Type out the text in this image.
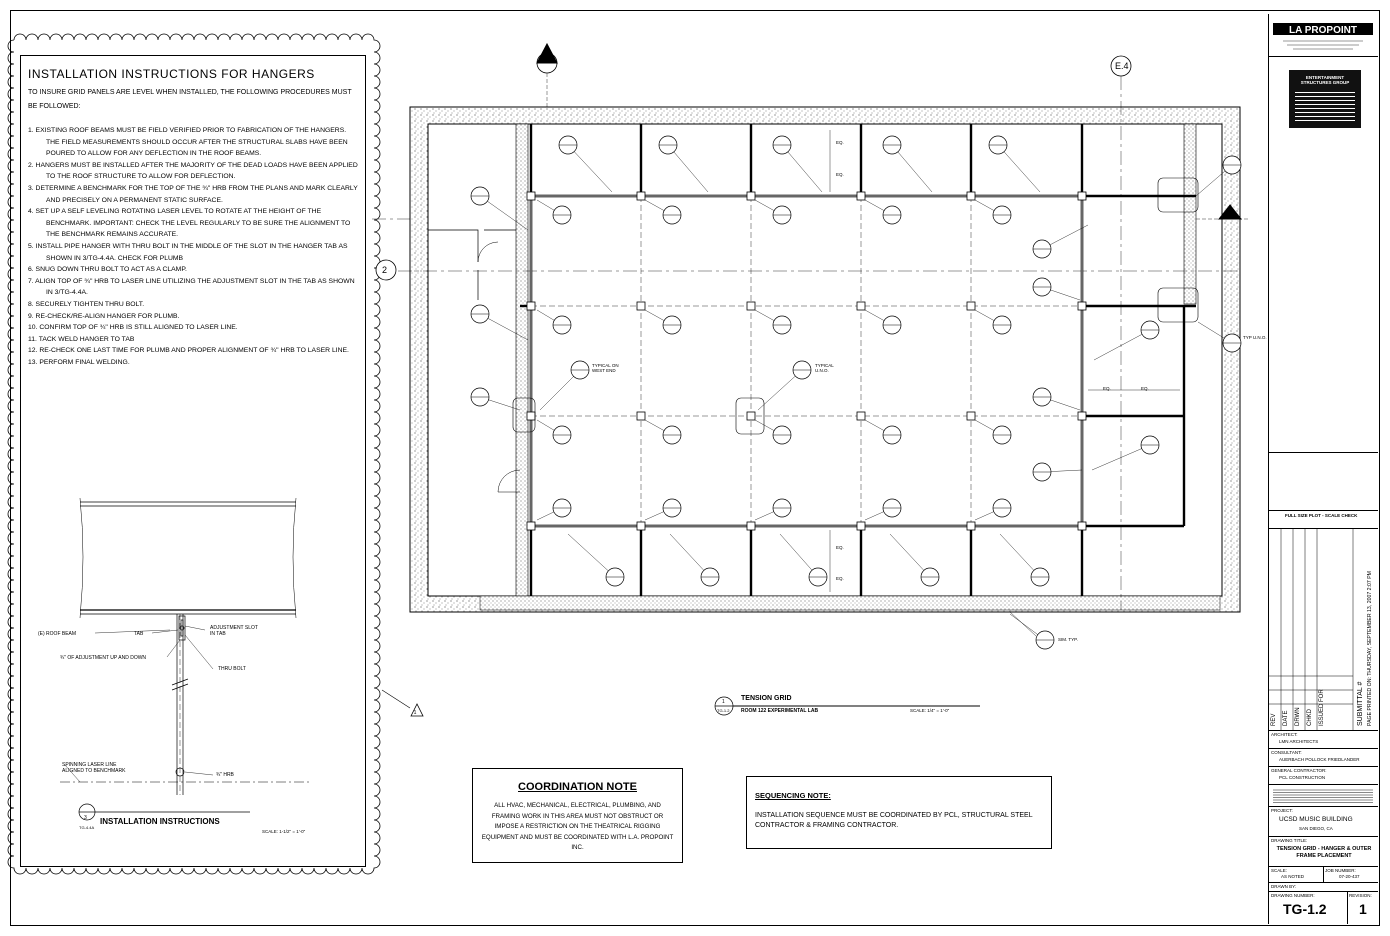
1
INSTALLATION INSTRUCTIONS FOR HANGERS
TO INSURE GRID PANELS ARE LEVEL WHEN INSTALLED, THE FOLLOWING PROCEDURES MUST BE FOLLOWED:
1. EXISTING ROOF BEAMS MUST BE FIELD VERIFIED PRIOR TO FABRICATION OF THE HANGERS. THE FIELD MEASUREMENTS SHOULD OCCUR AFTER THE STRUCTURAL SLABS HAVE BEEN POURED TO ALLOW FOR ANY DEFLECTION IN THE ROOF BEAMS.
2. HANGERS MUST BE INSTALLED AFTER THE MAJORITY OF THE DEAD LOADS HAVE BEEN APPLIED TO THE ROOF STRUCTURE TO ALLOW FOR DEFLECTION.
3. DETERMINE A BENCHMARK FOR THE TOP OF THE ¾" HRB FROM THE PLANS AND MARK CLEARLY AND PRECISELY ON A PERMANENT STATIC SURFACE.
4. SET UP A SELF LEVELING ROTATING LASER LEVEL TO ROTATE AT THE HEIGHT OF THE BENCHMARK. IMPORTANT: CHECK THE LEVEL REGULARLY TO BE SURE THE ALIGNMENT TO THE BENCHMARK REMAINS ACCURATE.
5. INSTALL PIPE HANGER WITH THRU BOLT IN THE MIDDLE OF THE SLOT IN THE HANGER TAB AS SHOWN IN 3/TG-4.4A. CHECK FOR PLUMB
6. SNUG DOWN THRU BOLT TO ACT AS A CLAMP.
7. ALIGN TOP OF ¾" HRB TO LASER LINE UTILIZING THE ADJUSTMENT SLOT IN THE TAB AS SHOWN IN 3/TG-4.4A.
8. SECURELY TIGHTEN THRU BOLT.
9. RE-CHECK/RE-ALIGN HANGER FOR PLUMB.
10. CONFIRM TOP OF ¾" HRB IS STILL ALIGNED TO LASER LINE.
11. TACK WELD HANGER TO TAB
12. RE-CHECK ONE LAST TIME FOR PLUMB AND PROPER ALIGNMENT OF ¾" HRB TO LASER LINE.
13. PERFORM FINAL WELDING.
(E) ROOF BEAM	TAB
ADJUSTMENT SLOT IN TAB
¾" OF ADJUSTMENT UP AND DOWN
THRU BOLT
SPINNING LASER LINE ALIGNED TO BENCHMARK
¾" HRB
3
TG-4.4A
INSTALLATION INSTRUCTIONS
SCALE: 1-1/2" = 1'-0"
E.4
2
TYPICAL ON WEST END
TYPICAL U.N.O.
TYP U.N.O.
SIM. TYP.
EQ.
EQ.
EQ.
EQ.
EQ.	EQ.
1
TG-1.2
TENSION GRID
ROOM 122 EXPERIMENTAL LAB	SCALE: 1/4" = 1'-0"
COORDINATION NOTE
ALL HVAC, MECHANICAL, ELECTRICAL, PLUMBING, AND FRAMING WORK IN THIS AREA MUST NOT OBSTRUCT OR IMPOSE A RESTRICTION ON THE THEATRICAL RIGGING EQUIPMENT AND MUST BE COORDINATED WITH L.A. PROPOINT INC.
SEQUENCING NOTE:
INSTALLATION SEQUENCE MUST BE COORDINATED BY PCL, STRUCTURAL STEEL CONTRACTOR & FRAMING CONTRACTOR.
LA PROPOINT
ENTERTAINMENT STRUCTURES GROUP
FULL SIZE PLOT - SCALE CHECK
REV DATE DRWN CHKD ISSUED FOR	SUBMITTAL # PAGE PRINTED ON: THURSDAY, SEPTEMBER 13, 2007 2:07 PM
ARCHITECT:
LMN ARCHITECTS
CONSULTANT:
AUERBACH POLLOCK FRIEDLANDER
GENERAL CONTRACTOR:
PCL CONSTRUCTION
PROJECT:
UCSD MUSIC BUILDING
SAN DIEGO, CA
DRAWING TITLE:
TENSION GRID - HANGER & OUTER FRAME PLACEMENT
SCALE:
AS NOTED
JOB NUMBER:
07-20-437
DRAWN BY:
DRAWING NUMBER:
TG-1.2
REVISION:
1
